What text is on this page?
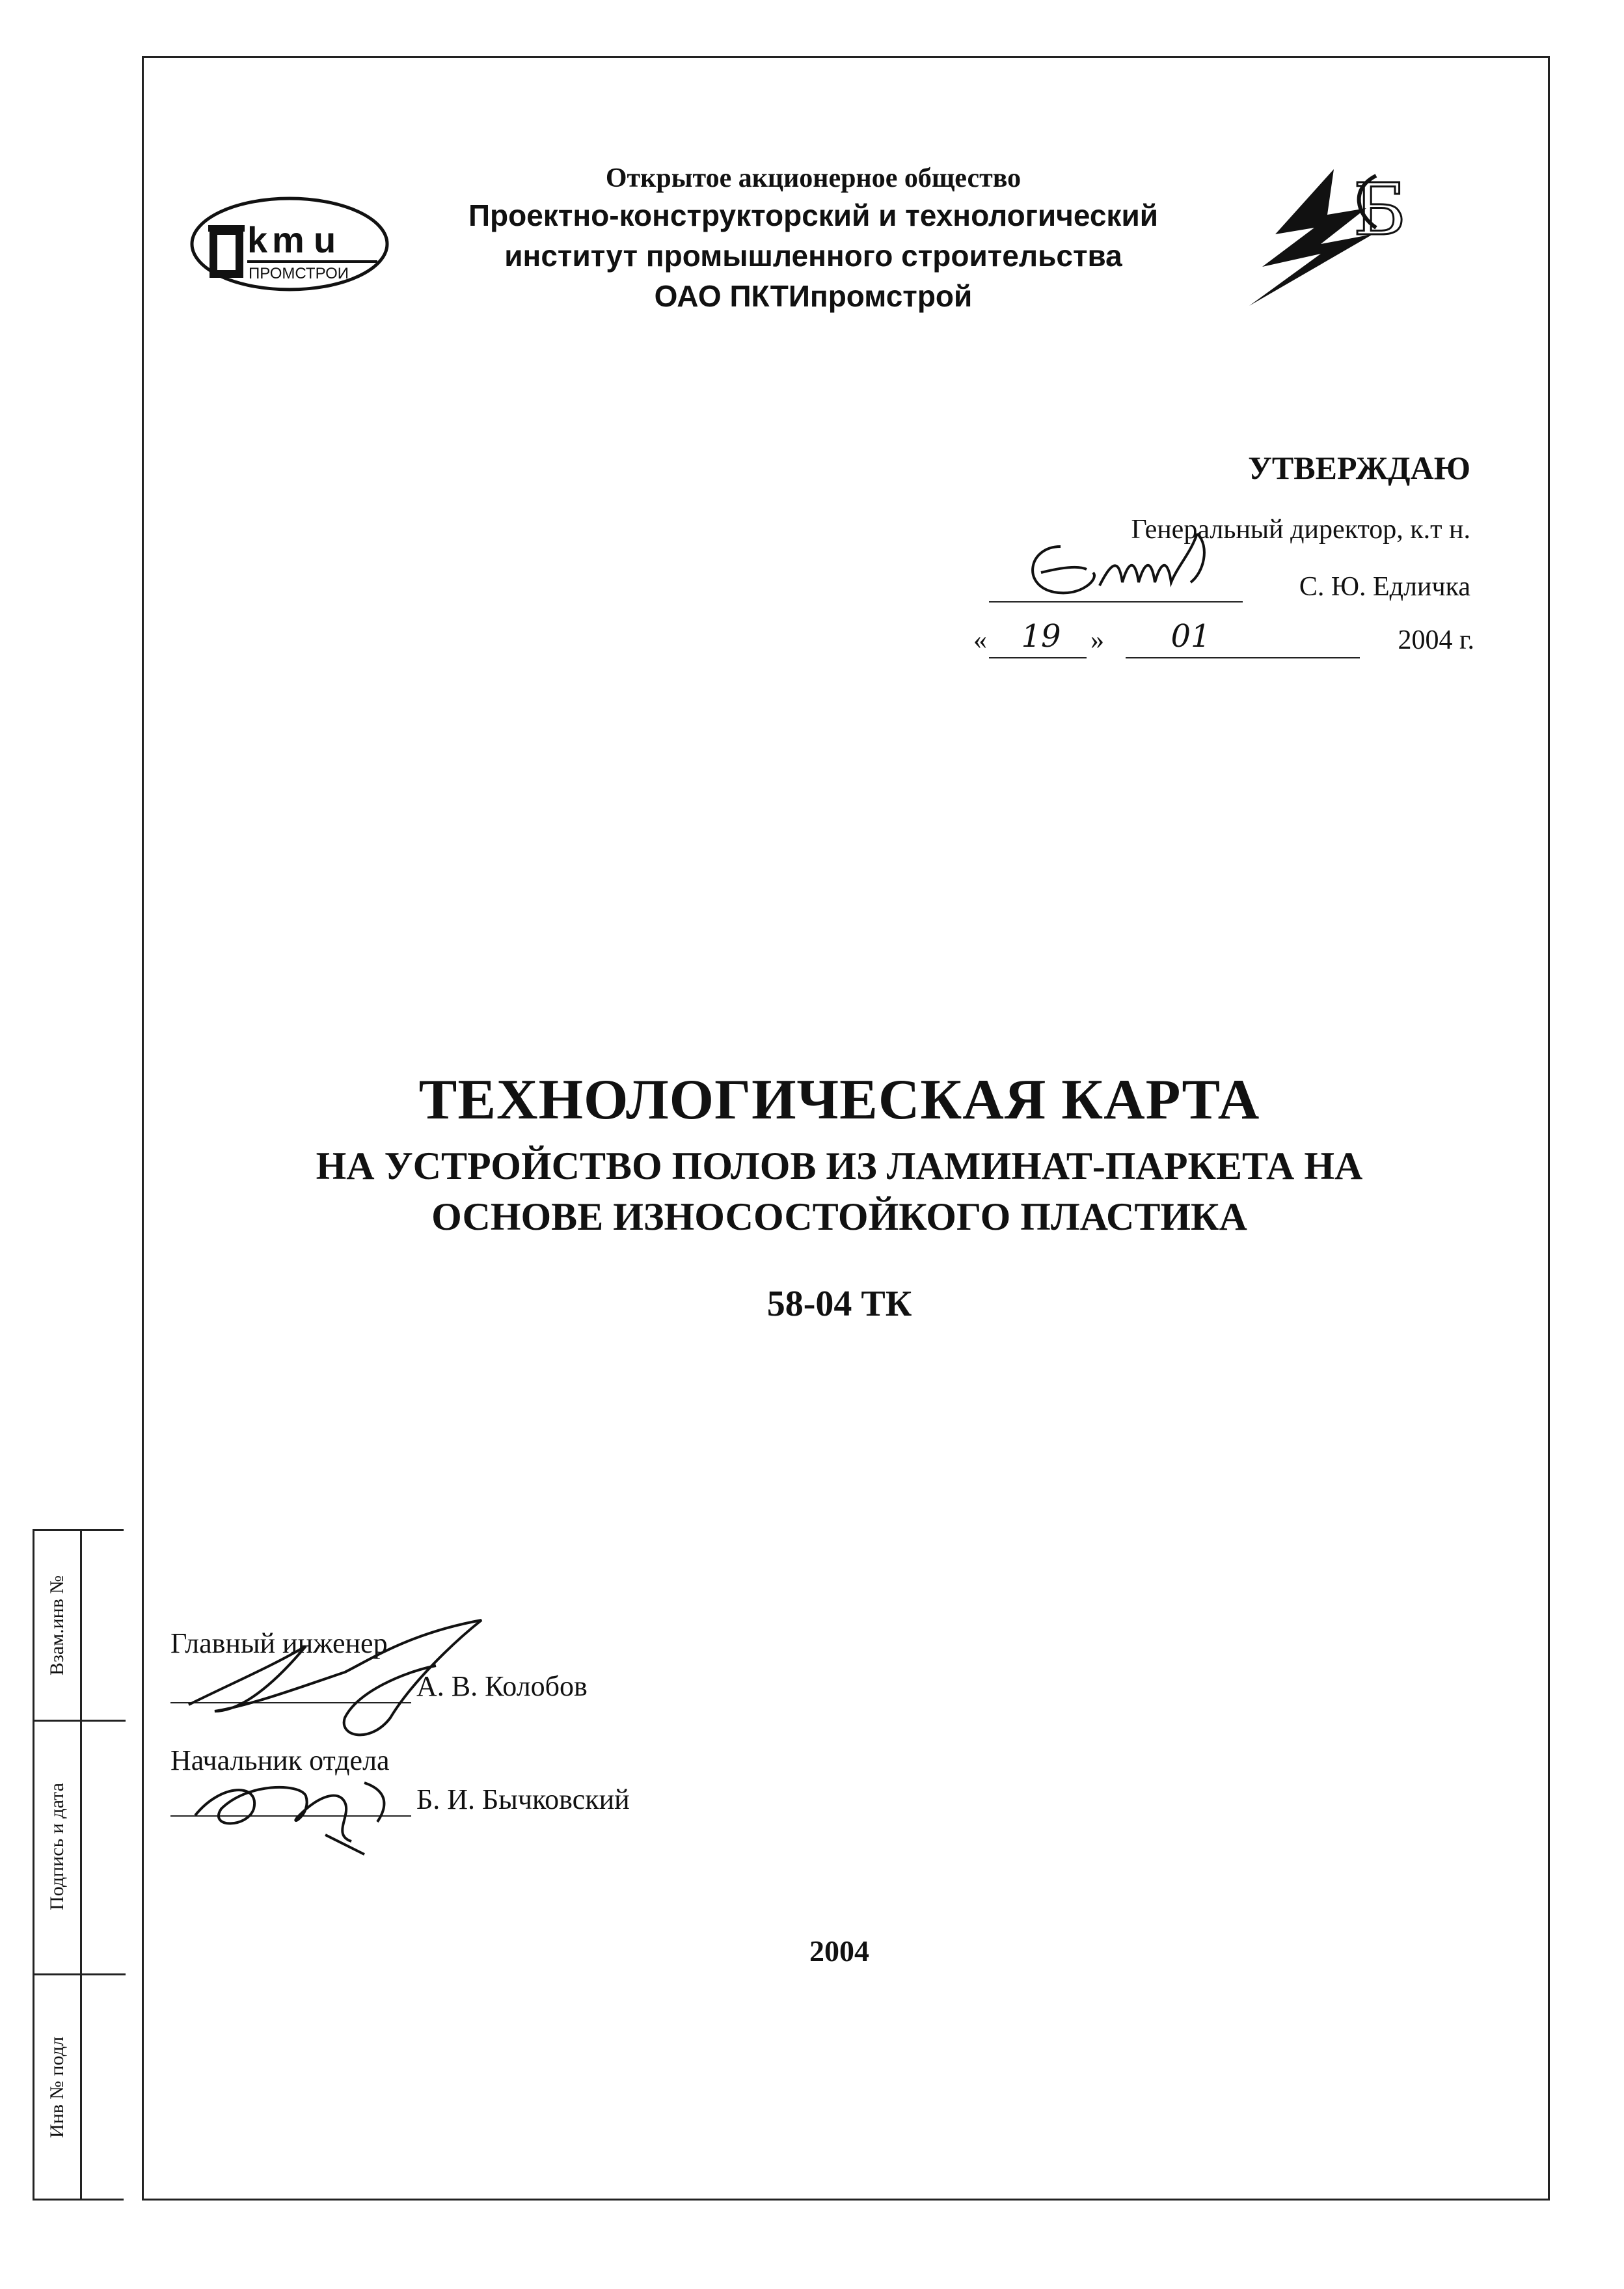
Взам.инв №
Подпись и дата
Инв № подл
k m u
ПРОМСТРОИ
Б
Открытое акционерное общество
Проектно-конструкторский и технологический
институт промышленного строительства
ОАО ПКТИпромстрой
УТВЕРЖДАЮ
Генеральный директор, к.т н.
С. Ю. Едличка
«	19	»	01	2004 г.
ТЕХНОЛОГИЧЕСКАЯ КАРТА
НА УСТРОЙСТВО ПОЛОВ ИЗ ЛАМИНАТ-ПАРКЕТА НА
ОСНОВЕ ИЗНОСОСТОЙКОГО ПЛАСТИКА
58-04 ТК
Главный инженер
А. В. Колобов
Начальник отдела
Б. И. Бычковский
2004
